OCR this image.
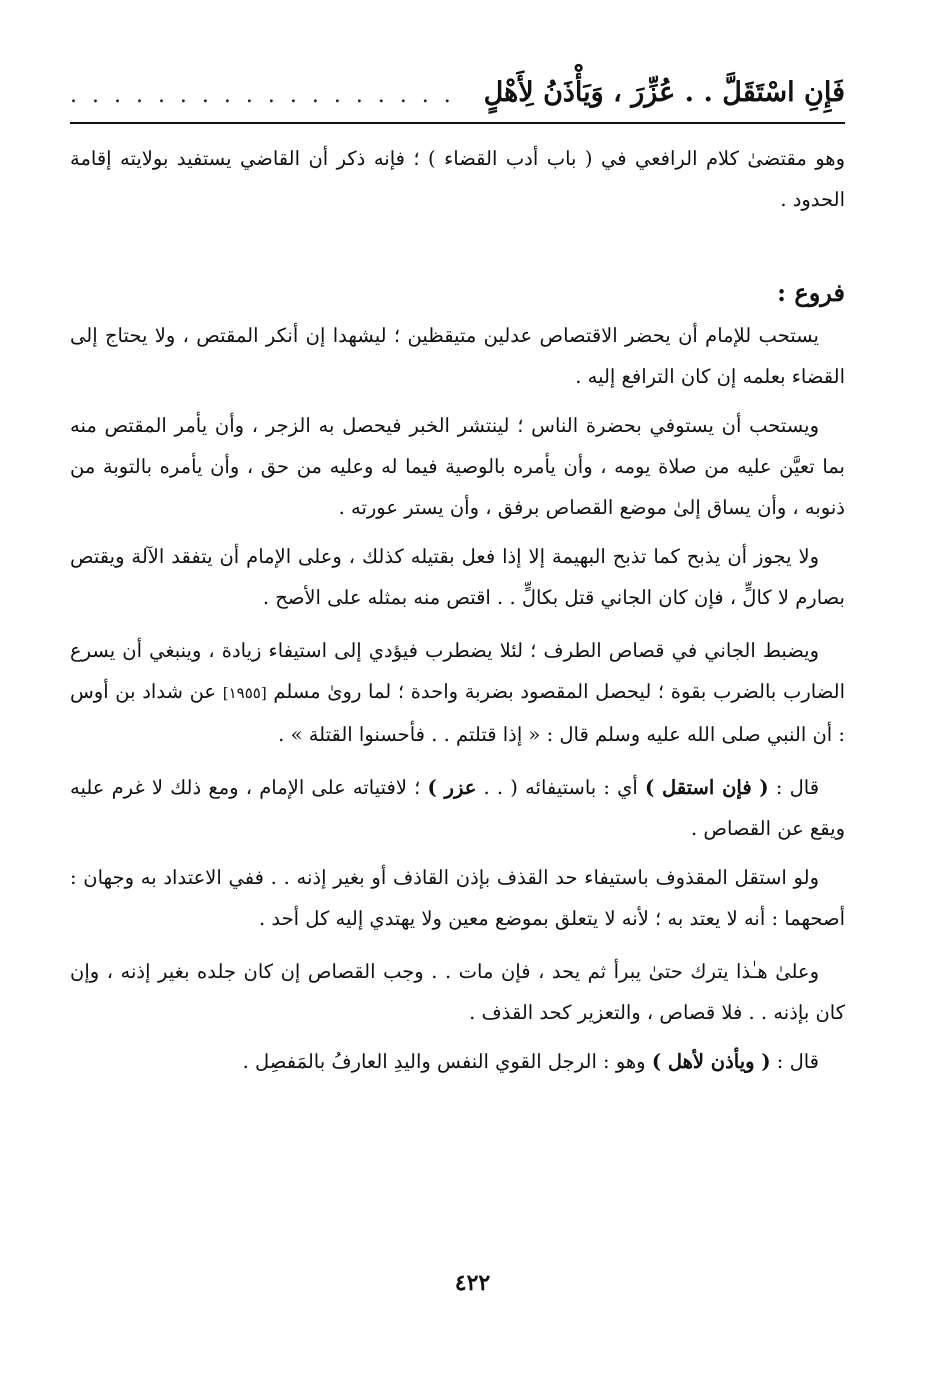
فَإِنِ اسْتَقَلَّ . . عُزِّرَ ، وَيَأْذَنُ لِأَهْلٍ
. . . . . . . . . . . . . . . . . .

وهو مقتضىٰ كلام الرافعي في ( باب أدب القضاء ) ؛ فإنه ذكر أن القاضي يستفيد بولايته إقامة الحدود .

فروع :

يستحب للإمام أن يحضر الاقتصاص عدلين متيقظين ؛ ليشهدا إن أنكر المقتص ، ولا يحتاج إلى القضاء بعلمه إن كان الترافع إليه .

ويستحب أن يستوفي بحضرة الناس ؛ لينتشر الخبر فيحصل به الزجر ، وأن يأمر المقتص منه بما تعيَّن عليه من صلاة يومه ، وأن يأمره بالوصية فيما له وعليه من حق ، وأن يأمره بالتوبة من ذنوبه ، وأن يساق إلىٰ موضع القصاص برفق ، وأن يستر عورته .

ولا يجوز أن يذبح كما تذبح البهيمة إلا إذا فعل بقتيله كذلك ، وعلى الإمام أن يتفقد الآلة ويقتص بصارم لا كالٍّ ، فإن كان الجاني قتل بكالٍّ . . اقتص منه بمثله على الأصح .

ويضبط الجاني في قصاص الطرف ؛ لئلا يضطرب فيؤدي إلى استيفاء زيادة ، وينبغي أن يسرع الضارب بالضرب بقوة ؛ ليحصل المقصود بضربة واحدة ؛ لما روىٰ مسلم [١٩٥٥] عن شداد بن أوس : أن النبي صلى الله عليه وسلم قال : « إذا قتلتم . . فأحسنوا القتلة » .

قال : ( فإن استقل ) أي : باستيفائه ( . . عزر ) ؛ لافتياته على الإمام ، ومع ذلك لا غرم عليه ويقع عن القصاص .

ولو استقل المقذوف باستيفاء حد القذف بإذن القاذف أو بغير إذنه . . ففي الاعتداد به وجهان : أصحهما : أنه لا يعتد به ؛ لأنه لا يتعلق بموضع معين ولا يهتدي إليه كل أحد .

وعلىٰ هـٰذا يترك حتىٰ يبرأ ثم يحد ، فإن مات . . وجب القصاص إن كان جلده بغير إذنه ، وإن كان بإذنه . . فلا قصاص ، والتعزير كحد القذف .

قال : ( ويأذن لأهل ) وهو : الرجل القوي النفس واليدِ العارفُ بالمَفصِل .

٤٢٢
